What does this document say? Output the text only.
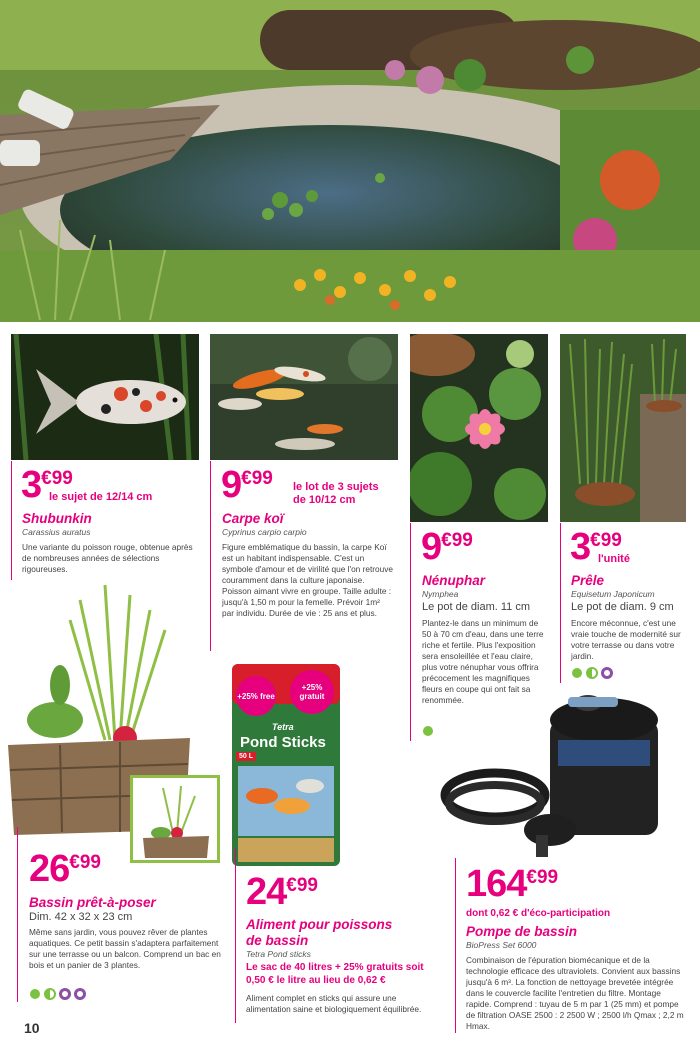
3€99
le sujet de 12/14 cm
Shubunkin
Carassius auratus
Une variante du poisson rouge, obtenue après de nombreuses années de sélections rigoureuses.
9€99 le lot de 3 sujets
de 10/12 cm
Carpe koï
Cyprinus carpio carpio
Figure emblématique du bassin, la carpe Koï est un habitant indispensable. C'est un symbole d'amour et de virilité que l'on retrouve couramment dans la culture japonaise. Poisson aimant vivre en groupe. Taille adulte : jusqu'à 1,50 m pour la femelle. Prévoir 1m² par individu. Durée de vie : 25 ans et plus.
9€99
Nénuphar
Nymphea
Le pot de diam. 11 cm
Plantez-le dans un minimum de 50 à 70 cm d'eau, dans une terre riche et fertile. Plus l'exposition sera ensoleillée et l'eau claire, plus votre nénuphar vous offrira précocement les magnifiques fleurs en coupe qui ont fait sa renommée.
3€99
l'unité
Prêle
Equisetum Japonicum
Le pot de diam. 9 cm
Encore méconnue, c'est une vraie touche de modernité sur votre terrasse ou dans votre jardin.
26€99
Bassin prêt-à-poser
Dim. 42 x 32 x 23 cm
Même sans jardin, vous pouvez rêver de plantes aquatiques. Ce petit bassin s'adaptera parfaitement sur une terrasse ou un balcon. Comprend un bac en bois et un panier de 3 plantes.
+25% free
+25% gratuit
Tetra
Pond Sticks
50 L
24€99
Aliment pour poissons
de bassin
Tetra Pond sticks
Le sac de 40 litres + 25% gratuits soit 0,50 € le litre au lieu de 0,62 €
Aliment complet en sticks qui assure une alimentation saine et biologiquement équilibrée.
164€99
dont 0,62 € d'éco-participation
Pompe de bassin
BioPress Set 6000
Combinaison de l'épuration biomécanique et de la technologie efficace des ultraviolets. Convient aux bassins jusqu'à 6 m³. La fonction de nettoyage brevetée intégrée dans le couvercle facilite l'entretien du filtre. Montage rapide. Comprend : tuyau de 5 m par 1 (25 mm) et pompe de filtration OASE 2500 : 2 2500 W ; 2500 l/h Qmax ; 2,2 m Hmax.
10
